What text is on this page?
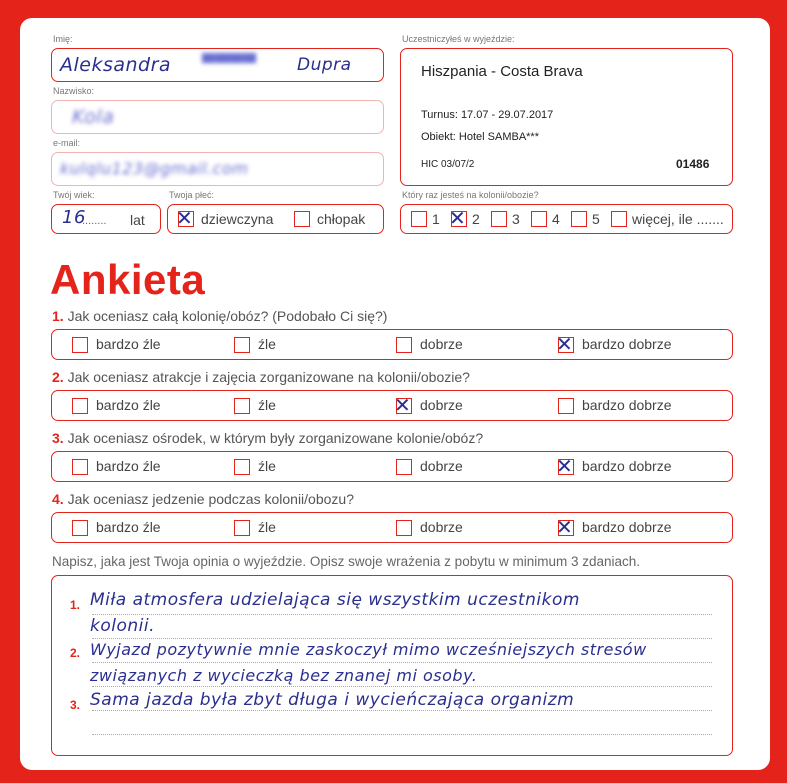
Imię:
Aleksandra ▀▀▀▀ Dupra
Nazwisko:
Kola
e-mail:
kulqlu123@gmail.com
Twój wiek:
16
........ lat
Twoja płeć:
✕ dziewczyna	chłopak
Uczestniczyłeś w wyjeździe:
Hiszpania - Costa Brava
Turnus: 17.07 - 29.07.2017
Obiekt: Hotel SAMBA***
HIC 03/07/2	01486
Który raz jesteś na kolonii/obozie?
1 ✕ 2 3 4 5 więcej, ile .......
Ankieta
1. Jak oceniasz całą kolonię/obóz? (Podobało Ci się?)
bardzo źle	źle	dobrze	✕ bardzo dobrze
2. Jak oceniasz atrakcje i zajęcia zorganizowane na kolonii/obozie?
bardzo źle	źle	✕ dobrze	bardzo dobrze
3. Jak oceniasz ośrodek, w którym były zorganizowane kolonie/obóz?
bardzo źle	źle	dobrze	✕ bardzo dobrze
4. Jak oceniasz jedzenie podczas kolonii/obozu?
bardzo źle	źle	dobrze	✕ bardzo dobrze
Napisz, jaka jest Twoja opinia o wyjeździe. Opisz swoje wrażenia z pobytu w minimum 3 zdaniach.
1. Miła atmosfera udzielająca się wszystkim uczestnikom
kolonii.
2. Wyjazd pozytywnie mnie zaskoczył mimo wcześniejszych stresów
związanych z wycieczką bez znanej mi osoby.
3. Sama jazda była zbyt długa i wycieńczająca organizm
